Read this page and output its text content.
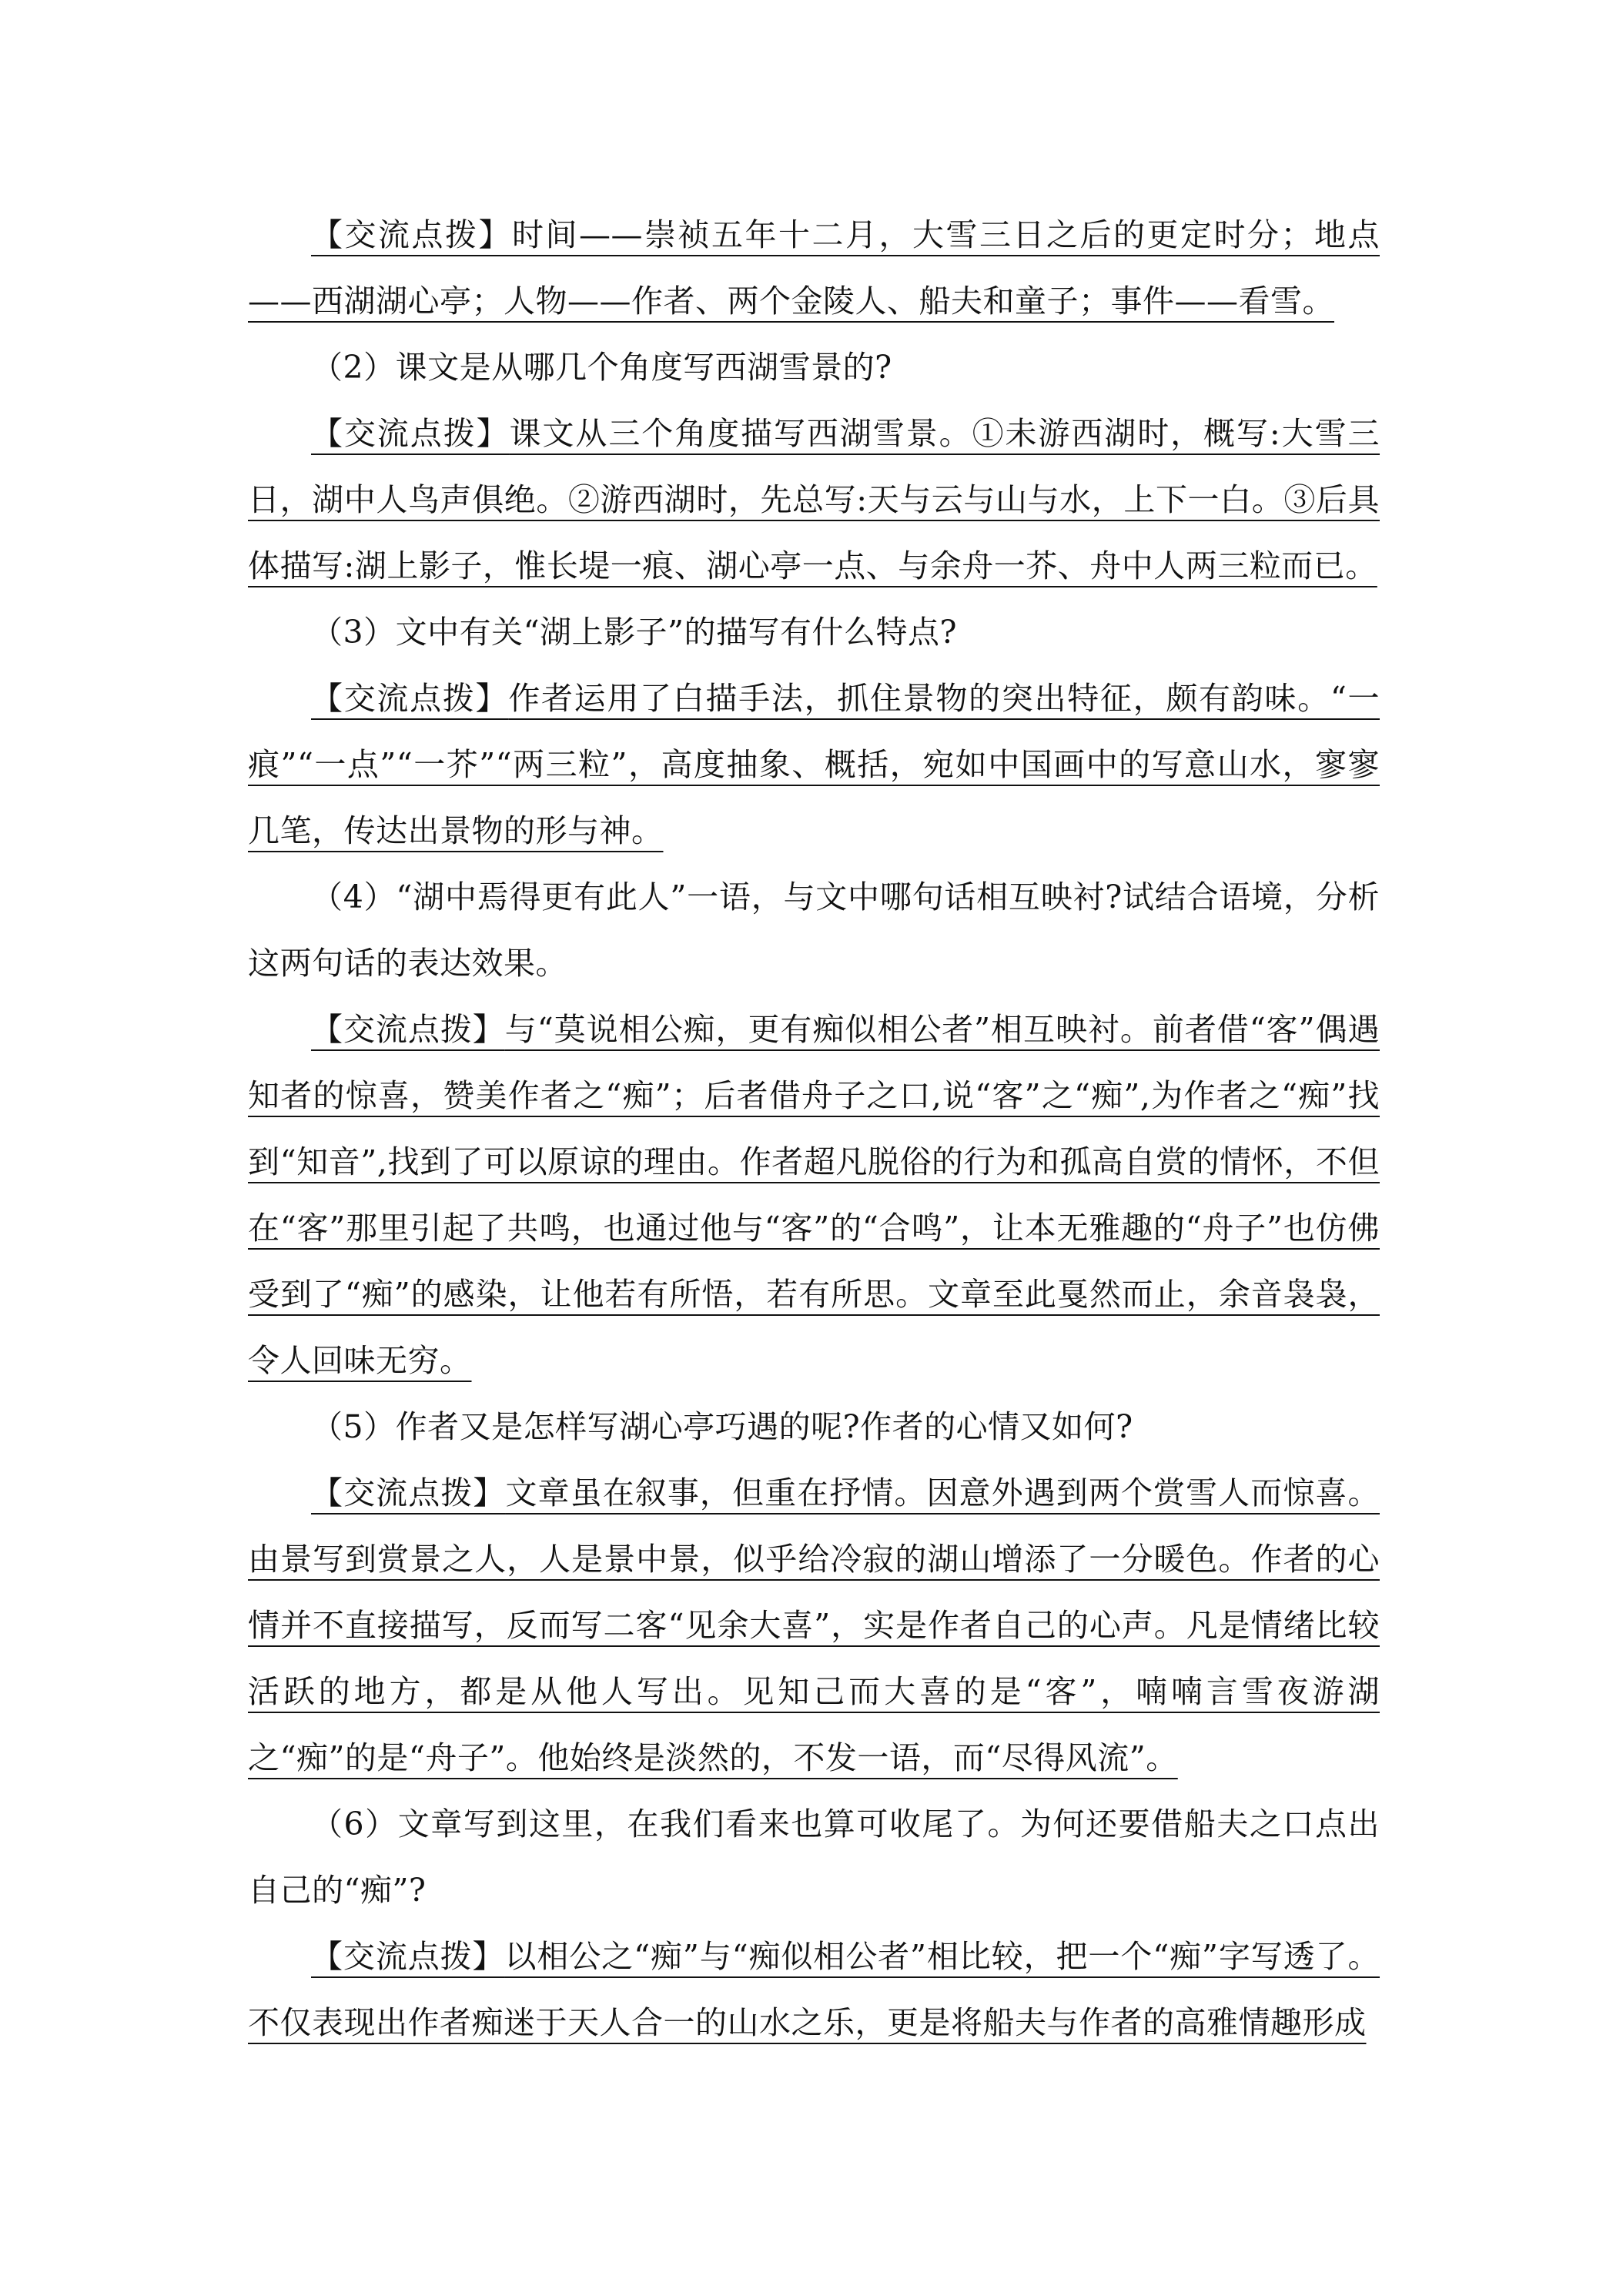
【交流点拨】时间——崇祯五年十二月，大雪三日之后的更定时分；地点——西湖湖心亭；人物——作者、两个金陵人、船夫和童子；事件——看雪。

（2）课文是从哪几个角度写西湖雪景的?

【交流点拨】课文从三个角度描写西湖雪景。①未游西湖时，概写:大雪三日，湖中人鸟声俱绝。②游西湖时，先总写:天与云与山与水，上下一白。③后具体描写:湖上影子，惟长堤一痕、湖心亭一点、与余舟一芥、舟中人两三粒而已。

（3）文中有关“湖上影子”的描写有什么特点?

【交流点拨】作者运用了白描手法，抓住景物的突出特征，颇有韵味。“一痕”“一点”“一芥”“两三粒”，高度抽象、概括，宛如中国画中的写意山水，寥寥几笔，传达出景物的形与神。

（4）“湖中焉得更有此人”一语，与文中哪句话相互映衬?试结合语境，分析这两句话的表达效果。

【交流点拨】与“莫说相公痴，更有痴似相公者”相互映衬。前者借“客”偶遇知者的惊喜，赞美作者之“痴”；后者借舟子之口,说“客”之“痴”,为作者之“痴”找到“知音”,找到了可以原谅的理由。作者超凡脱俗的行为和孤高自赏的情怀，不但在“客”那里引起了共鸣，也通过他与“客”的“合鸣”，让本无雅趣的“舟子”也仿佛受到了“痴”的感染，让他若有所悟，若有所思。文章至此戛然而止，余音袅袅，令人回味无穷。

（5）作者又是怎样写湖心亭巧遇的呢?作者的心情又如何?

【交流点拨】文章虽在叙事，但重在抒情。因意外遇到两个赏雪人而惊喜。由景写到赏景之人，人是景中景，似乎给冷寂的湖山增添了一分暖色。作者的心情并不直接描写，反而写二客“见余大喜”，实是作者自己的心声。凡是情绪比较活跃的地方，都是从他人写出。见知己而大喜的是“客”，喃喃言雪夜游湖之“痴”的是“舟子”。他始终是淡然的，不发一语，而“尽得风流”。

（6）文章写到这里，在我们看来也算可收尾了。为何还要借船夫之口点出自己的“痴”?

【交流点拨】以相公之“痴”与“痴似相公者”相比较，把一个“痴”字写透了。不仅表现出作者痴迷于天人合一的山水之乐，更是将船夫与作者的高雅情趣形成
